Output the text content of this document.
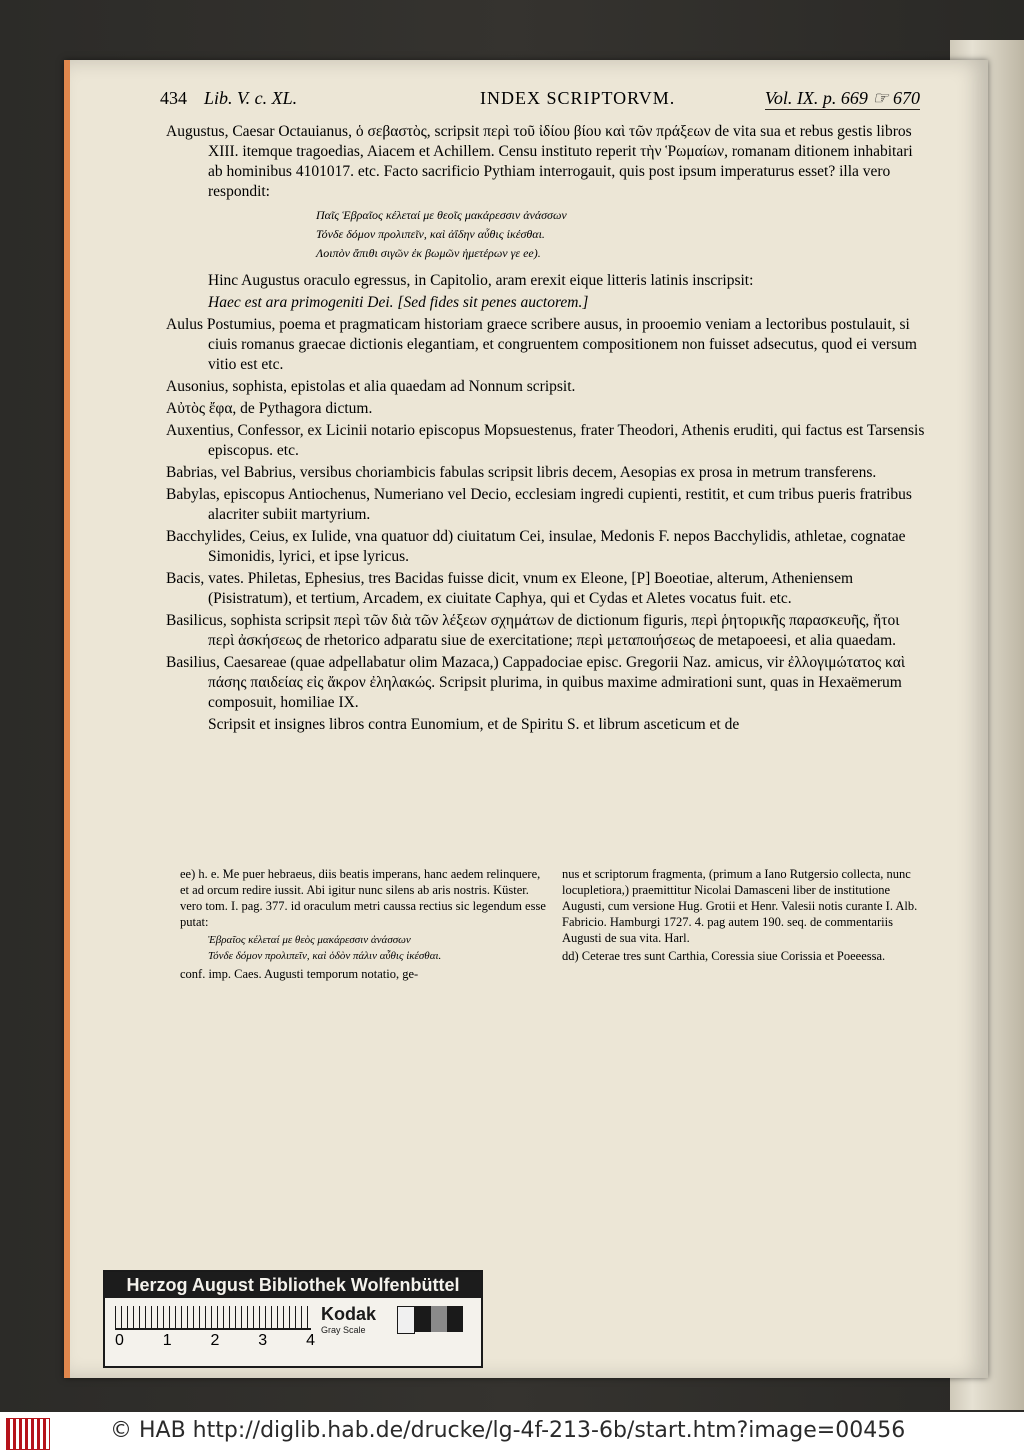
434 Lib. V. c. XL.	INDEX SCRIPTORVM.	Vol. IX. p. 669 ☞ 670

Augustus, Caesar Octauianus, ὁ σεβαστὸς, scripsit περὶ τοῦ ἰδίου βίου καὶ τῶν πράξεων de vita sua et rebus gestis libros XIII. itemque tragoedias, Aiacem et Achillem. Censu instituto reperit τὴν Ῥωμαίων, romanam ditionem inhabitari ab hominibus 4101017. etc. Facto sacrificio Pythiam interrogauit, quis post ipsum imperaturus esset? illa vero respondit:

Παῖς Ἑβραῖος κέλεταί με θεοῖς μακάρεσσιν ἀνάσσων
Τόνδε δόμον προλιπεῖν, καὶ ἀΐδην αὖθις ἱκέσθαι.
Λοιπὸν ἄπιθι σιγῶν ἐκ βωμῶν ἡμετέρων γε ee).

Hinc Augustus oraculo egressus, in Capitolio, aram erexit eique litteris latinis inscripsit:

Haec est ara primogeniti Dei. [Sed fides sit penes auctorem.]

Aulus Postumius, poema et pragmaticam historiam graece scribere ausus, in prooemio veniam a lectoribus postulauit, si ciuis romanus graecae dictionis elegantiam, et congruentem compositionem non fuisset adsecutus, quod ei versum vitio est etc.

Ausonius, sophista, epistolas et alia quaedam ad Nonnum scripsit.

Αὐτὸς ἔφα, de Pythagora dictum.

Auxentius, Confessor, ex Licinii notario episcopus Mopsuestenus, frater Theodori, Athenis eruditi, qui factus est Tarsensis episcopus. etc.

Babrias, vel Babrius, versibus choriambicis fabulas scripsit libris decem, Aesopias ex prosa in metrum transferens.

Babylas, episcopus Antiochenus, Numeriano vel Decio, ecclesiam ingredi cupienti, restitit, et cum tribus pueris fratribus alacriter subiit martyrium.

Bacchylides, Ceius, ex Iulide, vna quatuor dd) ciuitatum Cei, insulae, Medonis F. nepos Bacchylidis, athletae, cognatae Simonidis, lyrici, et ipse lyricus.

Bacis, vates. Philetas, Ephesius, tres Bacidas fuisse dicit, vnum ex Eleone, [P] Boeotiae, alterum, Atheniensem (Pisistratum), et tertium, Arcadem, ex ciuitate Caphya, qui et Cydas et Aletes vocatus fuit. etc.

Basilicus, sophista scripsit περὶ τῶν διὰ τῶν λέξεων σχημάτων de dictionum figuris, περὶ ῥητορικῆς παρασκευῆς, ἤτοι περὶ ἀσκήσεως de rhetorico adparatu siue de exercitatione; περὶ μεταποιήσεως de metapoeesi, et alia quaedam.

Basilius, Caesareae (quae adpellabatur olim Mazaca,) Cappadociae episc. Gregorii Naz. amicus, vir ἐλλογιμώτατος καὶ πάσης παιδείας εἰς ἄκρον ἐληλακώς. Scripsit plurima, in quibus maxime admirationi sunt, quas in Hexaëmerum composuit, homiliae IX.

Scripsit et insignes libros contra Eunomium, et de Spiritu S. et librum asceticum et de

ee) h. e. Me puer hebraeus, diis beatis imperans, hanc aedem relinquere, et ad orcum redire iussit. Abi igitur nunc silens ab aris nostris. Küster. vero tom. I. pag. 377. id oraculum metri caussa rectius sic legendum esse putat:
Ἑβραῖος κέλεταί με θεὸς μακάρεσσιν ἀνάσσων
Τόνδε δόμον προλιπεῖν, καὶ ὁδὸν πάλιν αὖθις ἱκέσθαι.
conf. imp. Caes. Augusti temporum notatio, ge-
nus et scriptorum fragmenta, (primum a Iano Rutgersio collecta, nunc locupletiora,) praemittitur Nicolai Damasceni liber de institutione Augusti, cum versione Hug. Grotii et Henr. Valesii notis curante I. Alb. Fabricio. Hamburgi 1727. 4. pag autem 190. seq. de commentariis Augusti de sua vita. Harl.
dd) Ceterae tres sunt Carthia, Coressia siue Corissia et Poeeessa.
Herzog August Bibliothek Wolfenbüttel
0 1 2 3 4
Kodak
Gray Scale
© HAB http://diglib.hab.de/drucke/lg-4f-213-6b/start.htm?image=00456
